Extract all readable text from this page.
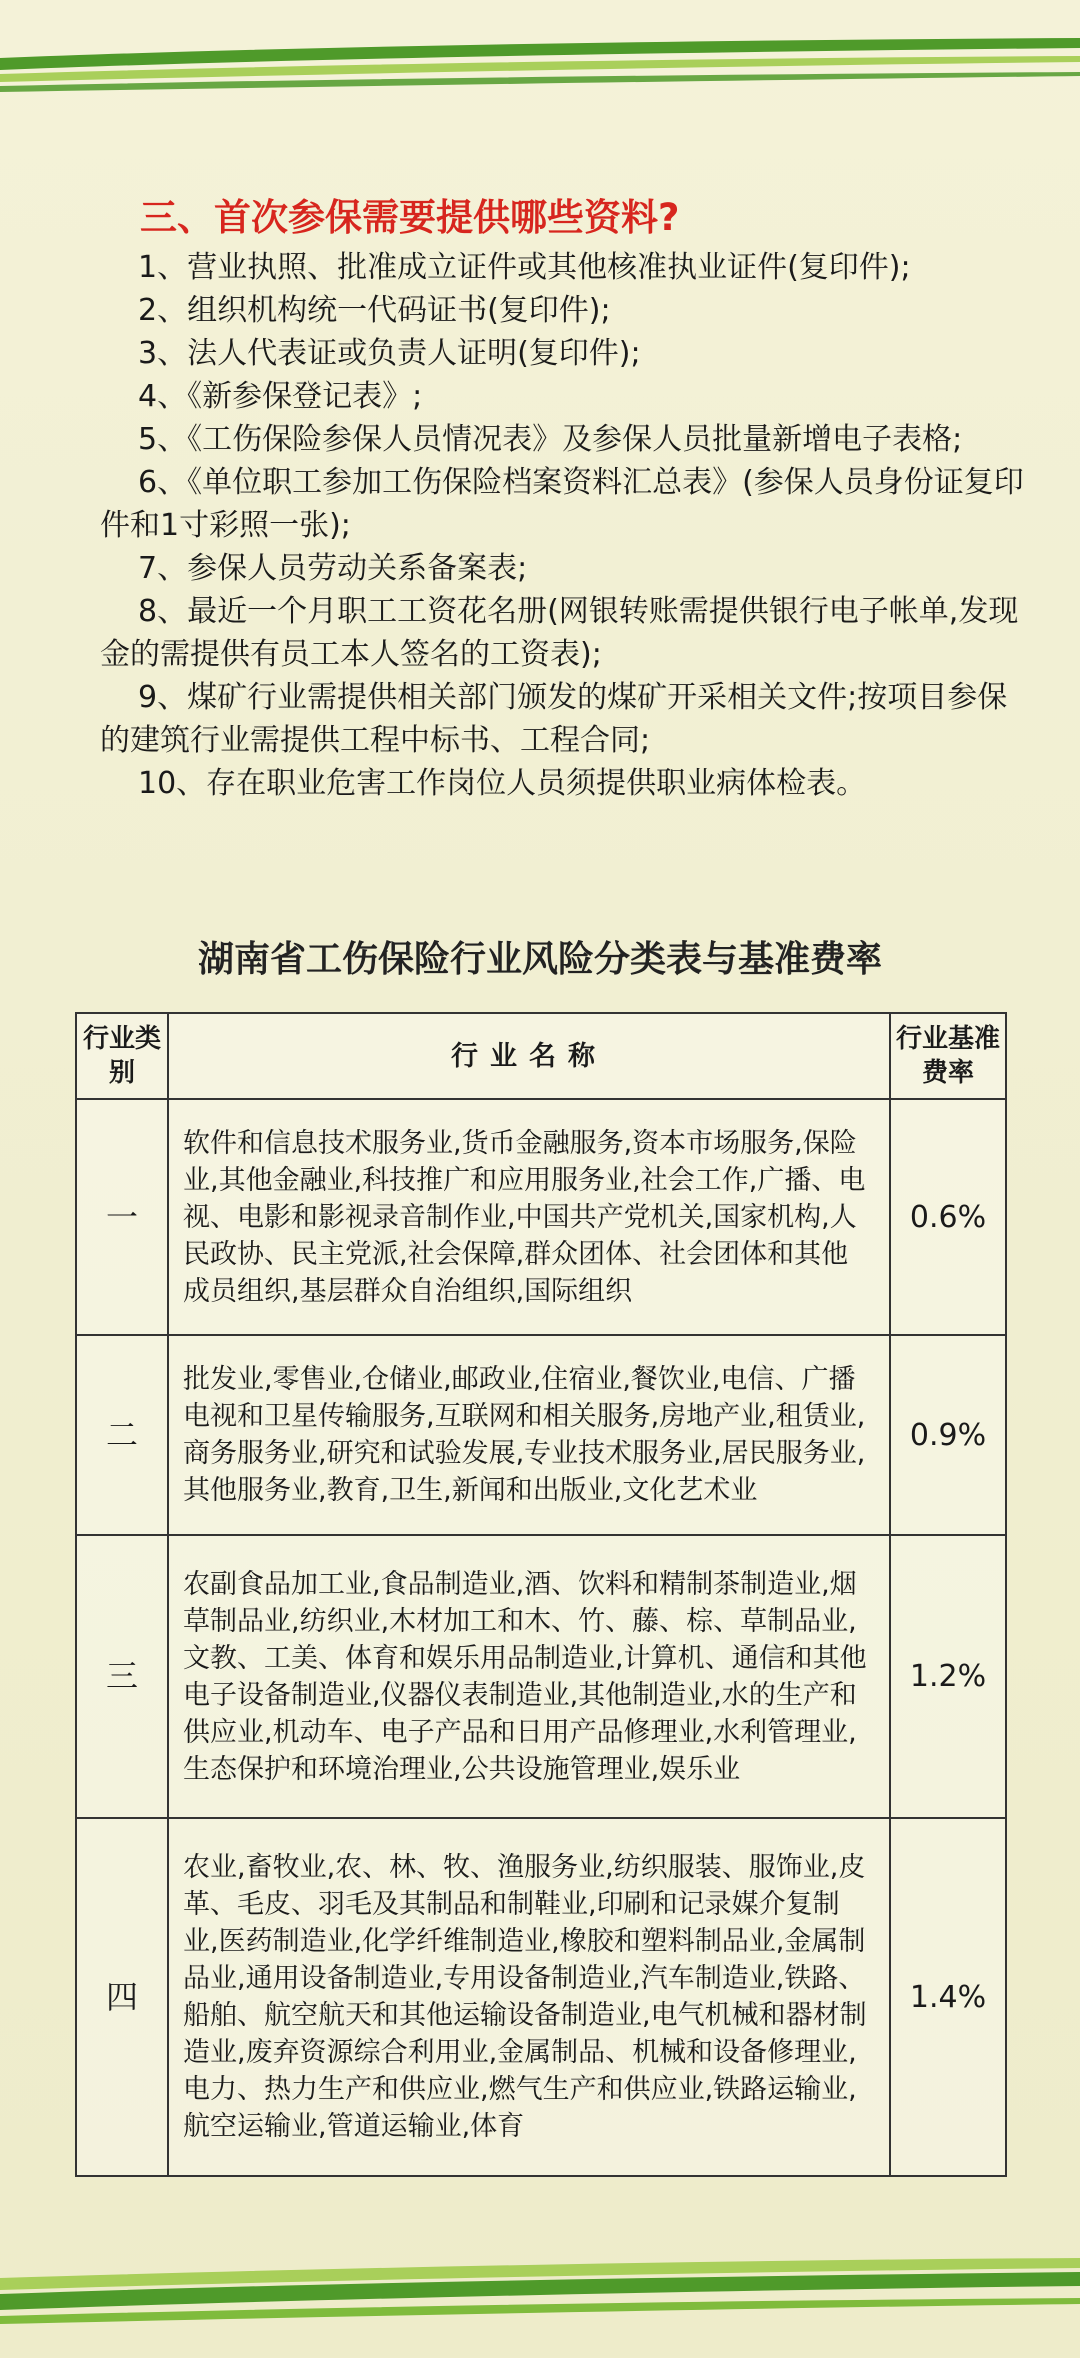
三、首次参保需要提供哪些资料?
1、营业执照、批准成立证件或其他核准执业证件(复印件);
2、组织机构统一代码证书(复印件);
3、法人代表证或负责人证明(复印件);
4、《新参保登记表》;
5、《工伤保险参保人员情况表》及参保人员批量新增电子表格;
6、《单位职工参加工伤保险档案资料汇总表》(参保人员身份证复印件和1寸彩照一张);
7、参保人员劳动关系备案表;
8、最近一个月职工工资花名册(网银转账需提供银行电子帐单,发现金的需提供有员工本人签名的工资表);
9、煤矿行业需提供相关部门颁发的煤矿开采相关文件;按项目参保的建筑行业需提供工程中标书、工程合同;
10、存在职业危害工作岗位人员须提供职业病体检表。
湖南省工伤保险行业风险分类表与基准费率
行业类别	行业名称	行业基准费率
一	软件和信息技术服务业,货币金融服务,资本市场服务,保险业,其他金融业,科技推广和应用服务业,社会工作,广播、电视、电影和影视录音制作业,中国共产党机关,国家机构,人民政协、民主党派,社会保障,群众团体、社会团体和其他成员组织,基层群众自治组织,国际组织	0.6%
二	批发业,零售业,仓储业,邮政业,住宿业,餐饮业,电信、广播电视和卫星传输服务,互联网和相关服务,房地产业,租赁业,商务服务业,研究和试验发展,专业技术服务业,居民服务业,其他服务业,教育,卫生,新闻和出版业,文化艺术业	0.9%
三	农副食品加工业,食品制造业,酒、饮料和精制茶制造业,烟草制品业,纺织业,木材加工和木、竹、藤、棕、草制品业,文教、工美、体育和娱乐用品制造业,计算机、通信和其他电子设备制造业,仪器仪表制造业,其他制造业,水的生产和供应业,机动车、电子产品和日用产品修理业,水利管理业,生态保护和环境治理业,公共设施管理业,娱乐业	1.2%
四	农业,畜牧业,农、林、牧、渔服务业,纺织服装、服饰业,皮革、毛皮、羽毛及其制品和制鞋业,印刷和记录媒介复制业,医药制造业,化学纤维制造业,橡胶和塑料制品业,金属制品业,通用设备制造业,专用设备制造业,汽车制造业,铁路、船舶、航空航天和其他运输设备制造业,电气机械和器材制造业,废弃资源综合利用业,金属制品、机械和设备修理业,电力、热力生产和供应业,燃气生产和供应业,铁路运输业,航空运输业,管道运输业,体育	1.4%
